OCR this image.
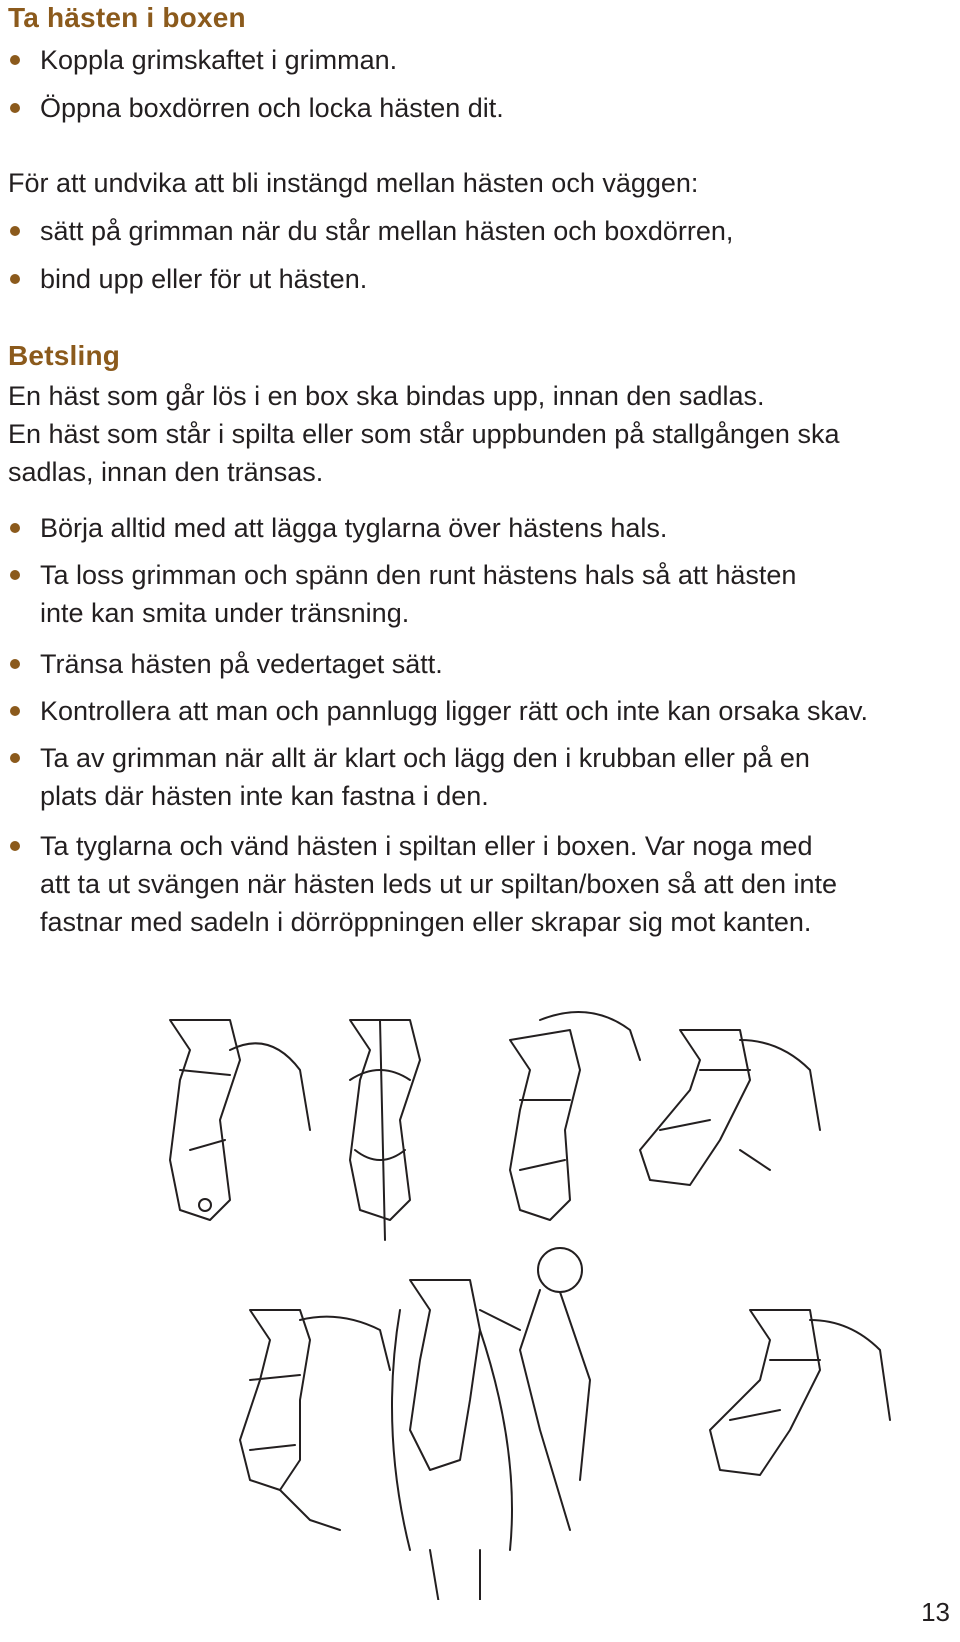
Ta hästen i boxen

Koppla grimskaftet i grimman.

Öppna boxdörren och locka hästen dit.

För att undvika att bli instängd mellan hästen och väggen:

sätt på grimman när du står mellan hästen och boxdörren,

bind upp eller för ut hästen.

Betsling

En häst som går lös i en box ska bindas upp, innan den sadlas.

En häst som står i spilta eller som står uppbunden på stallgången ska

sadlas, innan den tränsas.

Börja alltid med att lägga tyglarna över hästens hals.

Ta loss grimman och spänn den runt hästens hals så att hästen

inte kan smita under tränsning.

Tränsa hästen på vedertaget sätt.

Kontrollera att man och pannlugg ligger rätt och inte kan orsaka skav.

Ta av grimman när allt är klart och lägg den i krubban eller på en

plats där hästen inte kan fastna i den.

Ta tyglarna och vänd hästen i spiltan eller i boxen. Var noga med

att ta ut svängen när hästen leds ut ur spiltan/boxen så att den inte

fastnar med sadeln i dörröppningen eller skrapar sig mot kanten.

13
